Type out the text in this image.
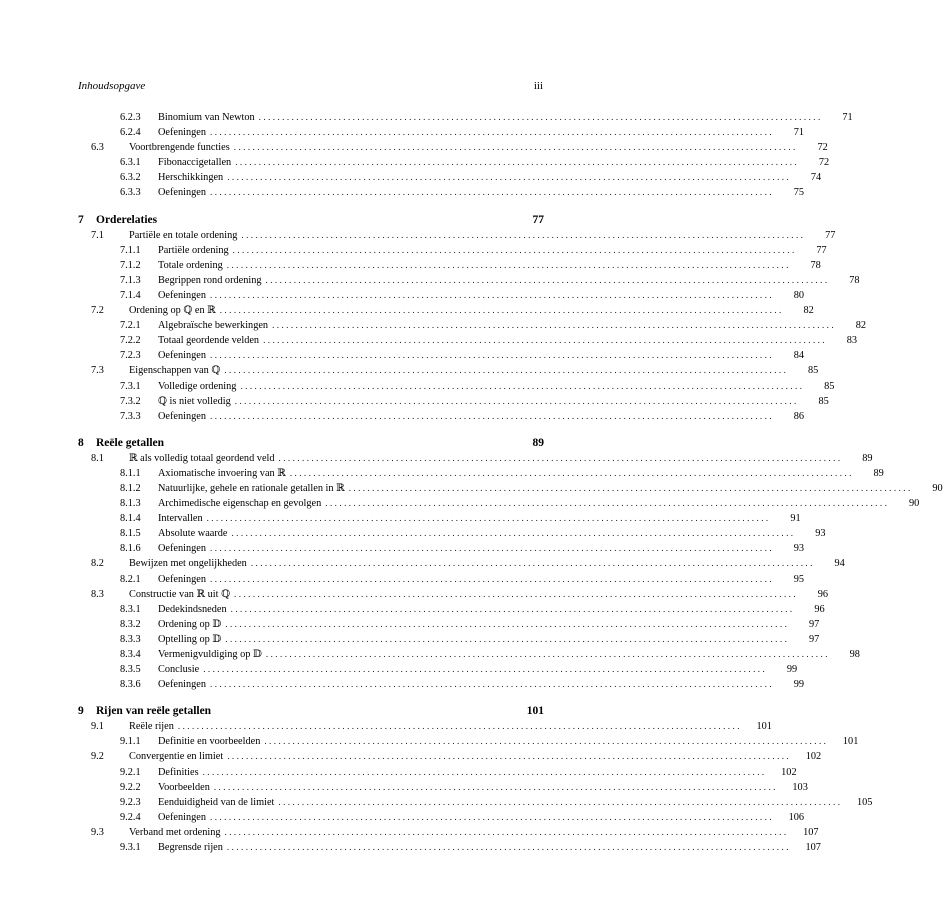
Inhoudsopgave	iii
6.2.3	Binomium van Newton ........................................................................................................................	71
6.2.4	Oefeningen ........................................................................................................................	71
6.3	Voortbrengende functies ........................................................................................................................	72
6.3.1	Fibonaccigetallen ........................................................................................................................	72
6.3.2	Herschikkingen ........................................................................................................................	74
6.3.3	Oefeningen ........................................................................................................................	75
7	Orderelaties	77
7.1	Partiële en totale ordening ........................................................................................................................	77
7.1.1	Partiële ordening ........................................................................................................................	77
7.1.2	Totale ordening ........................................................................................................................	78
7.1.3	Begrippen rond ordening ........................................................................................................................	78
7.1.4	Oefeningen ........................................................................................................................	80
7.2	Ordening op ℚ en ℝ ........................................................................................................................	82
7.2.1	Algebraïsche bewerkingen ........................................................................................................................	82
7.2.2	Totaal geordende velden ........................................................................................................................	83
7.2.3	Oefeningen ........................................................................................................................	84
7.3	Eigenschappen van ℚ ........................................................................................................................	85
7.3.1	Volledige ordening ........................................................................................................................	85
7.3.2	ℚ is niet volledig ........................................................................................................................	85
7.3.3	Oefeningen ........................................................................................................................	86
8	Reële getallen	89
8.1	ℝ als volledig totaal geordend veld ........................................................................................................................	89
8.1.1	Axiomatische invoering van ℝ ........................................................................................................................	89
8.1.2	Natuurlijke, gehele en rationale getallen in ℝ ........................................................................................................................	90
8.1.3	Archimedische eigenschap en gevolgen ........................................................................................................................	90
8.1.4	Intervallen ........................................................................................................................	91
8.1.5	Absolute waarde ........................................................................................................................	93
8.1.6	Oefeningen ........................................................................................................................	93
8.2	Bewijzen met ongelijkheden ........................................................................................................................	94
8.2.1	Oefeningen ........................................................................................................................	95
8.3	Constructie van ℝ uit ℚ ........................................................................................................................	96
8.3.1	Dedekindsneden ........................................................................................................................	96
8.3.2	Ordening op 𝔻 ........................................................................................................................	97
8.3.3	Optelling op 𝔻 ........................................................................................................................	97
8.3.4	Vermenigvuldiging op 𝔻 ........................................................................................................................	98
8.3.5	Conclusie ........................................................................................................................	99
8.3.6	Oefeningen ........................................................................................................................	99
9	Rijen van reële getallen	101
9.1	Reële rijen ........................................................................................................................	101
9.1.1	Definitie en voorbeelden ........................................................................................................................	101
9.2	Convergentie en limiet ........................................................................................................................	102
9.2.1	Definities ........................................................................................................................	102
9.2.2	Voorbeelden ........................................................................................................................	103
9.2.3	Eenduidigheid van de limiet ........................................................................................................................	105
9.2.4	Oefeningen ........................................................................................................................	106
9.3	Verband met ordening ........................................................................................................................	107
9.3.1	Begrensde rijen ........................................................................................................................	107
